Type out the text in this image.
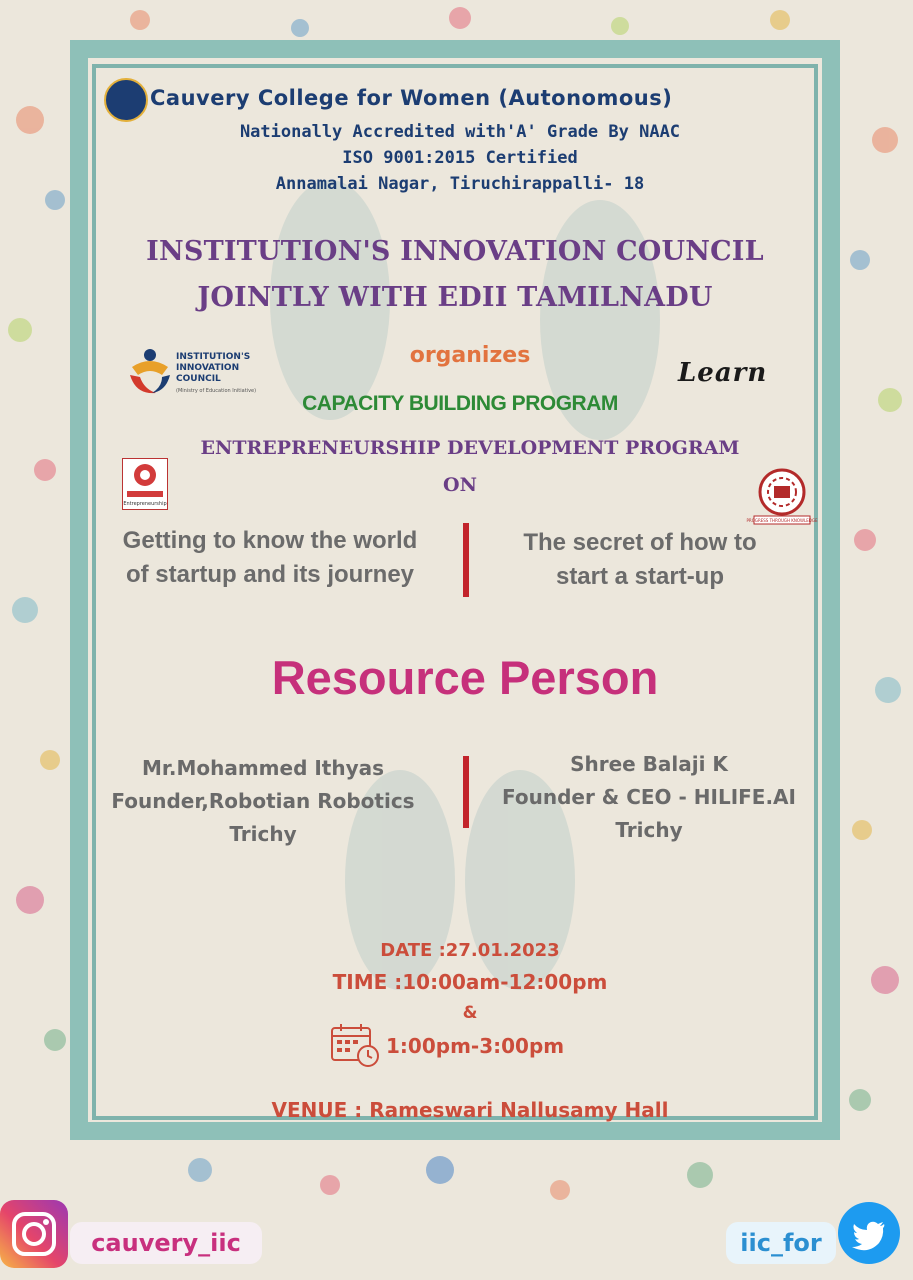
Cauvery College for Women (Autonomous)
Nationally Accredited with'A' Grade By NAAC
ISO 9001:2015 Certified
Annamalai Nagar, Tiruchirappalli- 18
INSTITUTION'S INNOVATION COUNCIL
JOINTLY WITH EDII TAMILNADU
INSTITUTION'S INNOVATION COUNCIL
(Ministry of Education Initiative)
organizes
Learn
CAPACITY BUILDING PROGRAM
ENTREPRENEURSHIP DEVELOPMENT PROGRAM
ON
Entrepreneurship
PROGRESS THROUGH KNOWLEDGE
Getting to know the world
of startup and its journey
The secret of how to
start a start-up
Resource Person
Mr.Mohammed Ithyas
Founder,Robotian Robotics
Trichy
Shree Balaji K
Founder & CEO - HILIFE.AI
Trichy
DATE :27.01.2023
TIME :10:00am-12:00pm
&
1:00pm-3:00pm
VENUE : Rameswari Nallusamy Hall
cauvery_iic	iic_for
